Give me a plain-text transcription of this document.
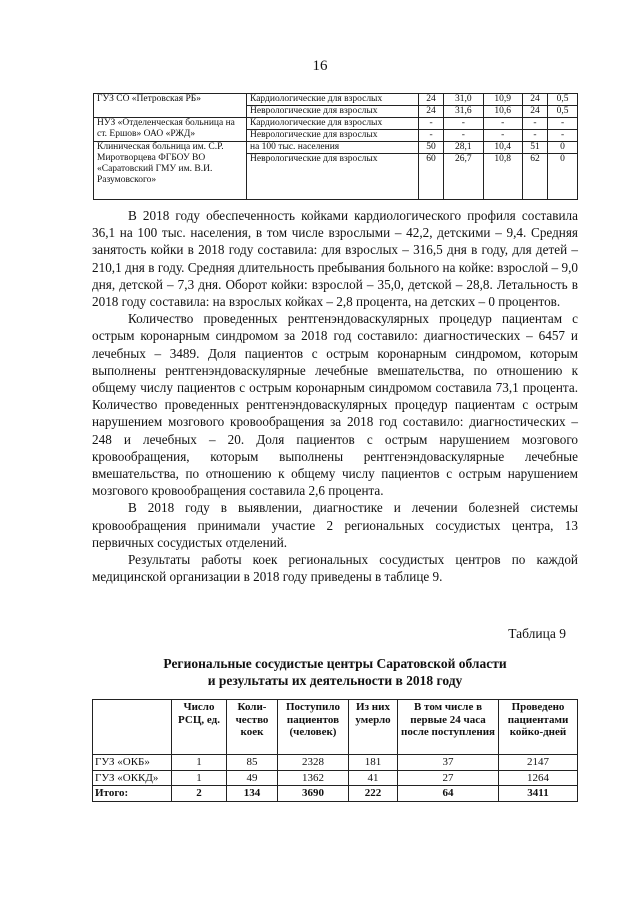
16
ГУЗ СО «Петровская РБ»	Кардиологические для взрослых	24	31,0	10,9	24	0,5
	Неврологические для взрослых	24	31,6	10,6	24	0,5
НУЗ «Отделенческая больница на ст. Ершов» ОАО «РЖД»	Кардиологические для взрослых	-	-	-	-	-
	Неврологические для взрослых	-	-	-	-	-
Клиническая больница им. С.Р. Миротворцева ФГБОУ ВО «Саратовский ГМУ им. В.И. Разумовского»	на 100 тыс. населения	50	28,1	10,4	51	0
	Неврологические для взрослых	60	26,7	10,8	62	0

В 2018 году обеспеченность койками кардиологического профиля составила 36,1 на 100 тыс. населения, в том числе взрослыми – 42,2, детскими – 9,4. Средняя занятость койки в 2018 году составила: для взрослых – 316,5 дня в году, для детей – 210,1 дня в году. Средняя длительность пребывания больного на койке: взрослой – 9,0 дня, детской – 7,3 дня. Оборот койки: взрослой – 35,0, детской – 28,8. Летальность в 2018 году составила: на взрослых койках – 2,8 процента, на детских – 0 процентов.

Количество проведенных рентгенэндоваскулярных процедур пациентам с острым коронарным синдромом за 2018 год составило: диагностических – 6457 и лечебных – 3489. Доля пациентов с острым коронарным синдромом, которым выполнены рентгенэндоваскулярные лечебные вмешательства, по отношению к общему числу пациентов с острым коронарным синдромом составила 73,1 процента. Количество проведенных рентгенэндоваскулярных процедур пациентам с острым нарушением мозгового кровообращения за 2018 год составило: диагностических – 248 и лечебных – 20. Доля пациентов с острым нарушением мозгового кровообращения, которым выполнены рентгенэндоваскулярные лечебные вмешательства, по отношению к общему числу пациентов с острым нарушением мозгового кровообращения составила 2,6 процента.

В 2018 году в выявлении, диагностике и лечении болезней системы кровообращения принимали участие 2 региональных сосудистых центра, 13 первичных сосудистых отделений.

Результаты работы коек региональных сосудистых центров по каждой медицинской организации в 2018 году приведены в таблице 9.

Таблица 9
Региональные сосудистые центры Саратовской области
и результаты их деятельности в 2018 году
	Число РСЦ, ед.	Коли-чество коек	Поступило пациентов (человек)	Из них умерло	В том числе в первые 24 часа после поступления	Проведено пациентами койко-дней
ГУЗ «ОКБ»	1	85	2328	181	37	2147
ГУЗ «ОККД»	1	49	1362	41	27	1264
Итого:	2	134	3690	222	64	3411
